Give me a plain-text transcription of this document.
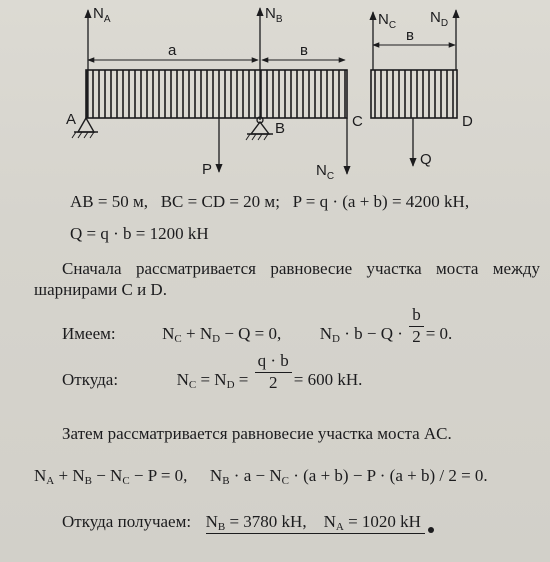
a	в
в
$N_A$	$N_B$	$N_C$ $N_D$
$N_C$
P
Q
A
B	C	D
AB = 50 м, BC = CD = 20 м; P = q · (a + b) = 4200 kH,
Q = q · b = 1200 kH
Сначала рассматривается равновесие участка моста между шарнирами C и D.
Имеем:	$N_C + N_D - Q = 0$, $N_D \cdot b - Q \cdot \frac{b}{2} = 0$.
Откуда:	$N_C = N_D = \frac{q \cdot b}{2} = 600$ kH.
Затем рассматривается равновесие участка моста AC.
$N_A + N_B - N_C - P = 0$, $N_B \cdot a - N_C \cdot (a + b) - P \cdot (a + b) / 2 = 0$.
Откуда получаем: $N_B = 3780$ kH, $N_A = 1020$ kH
